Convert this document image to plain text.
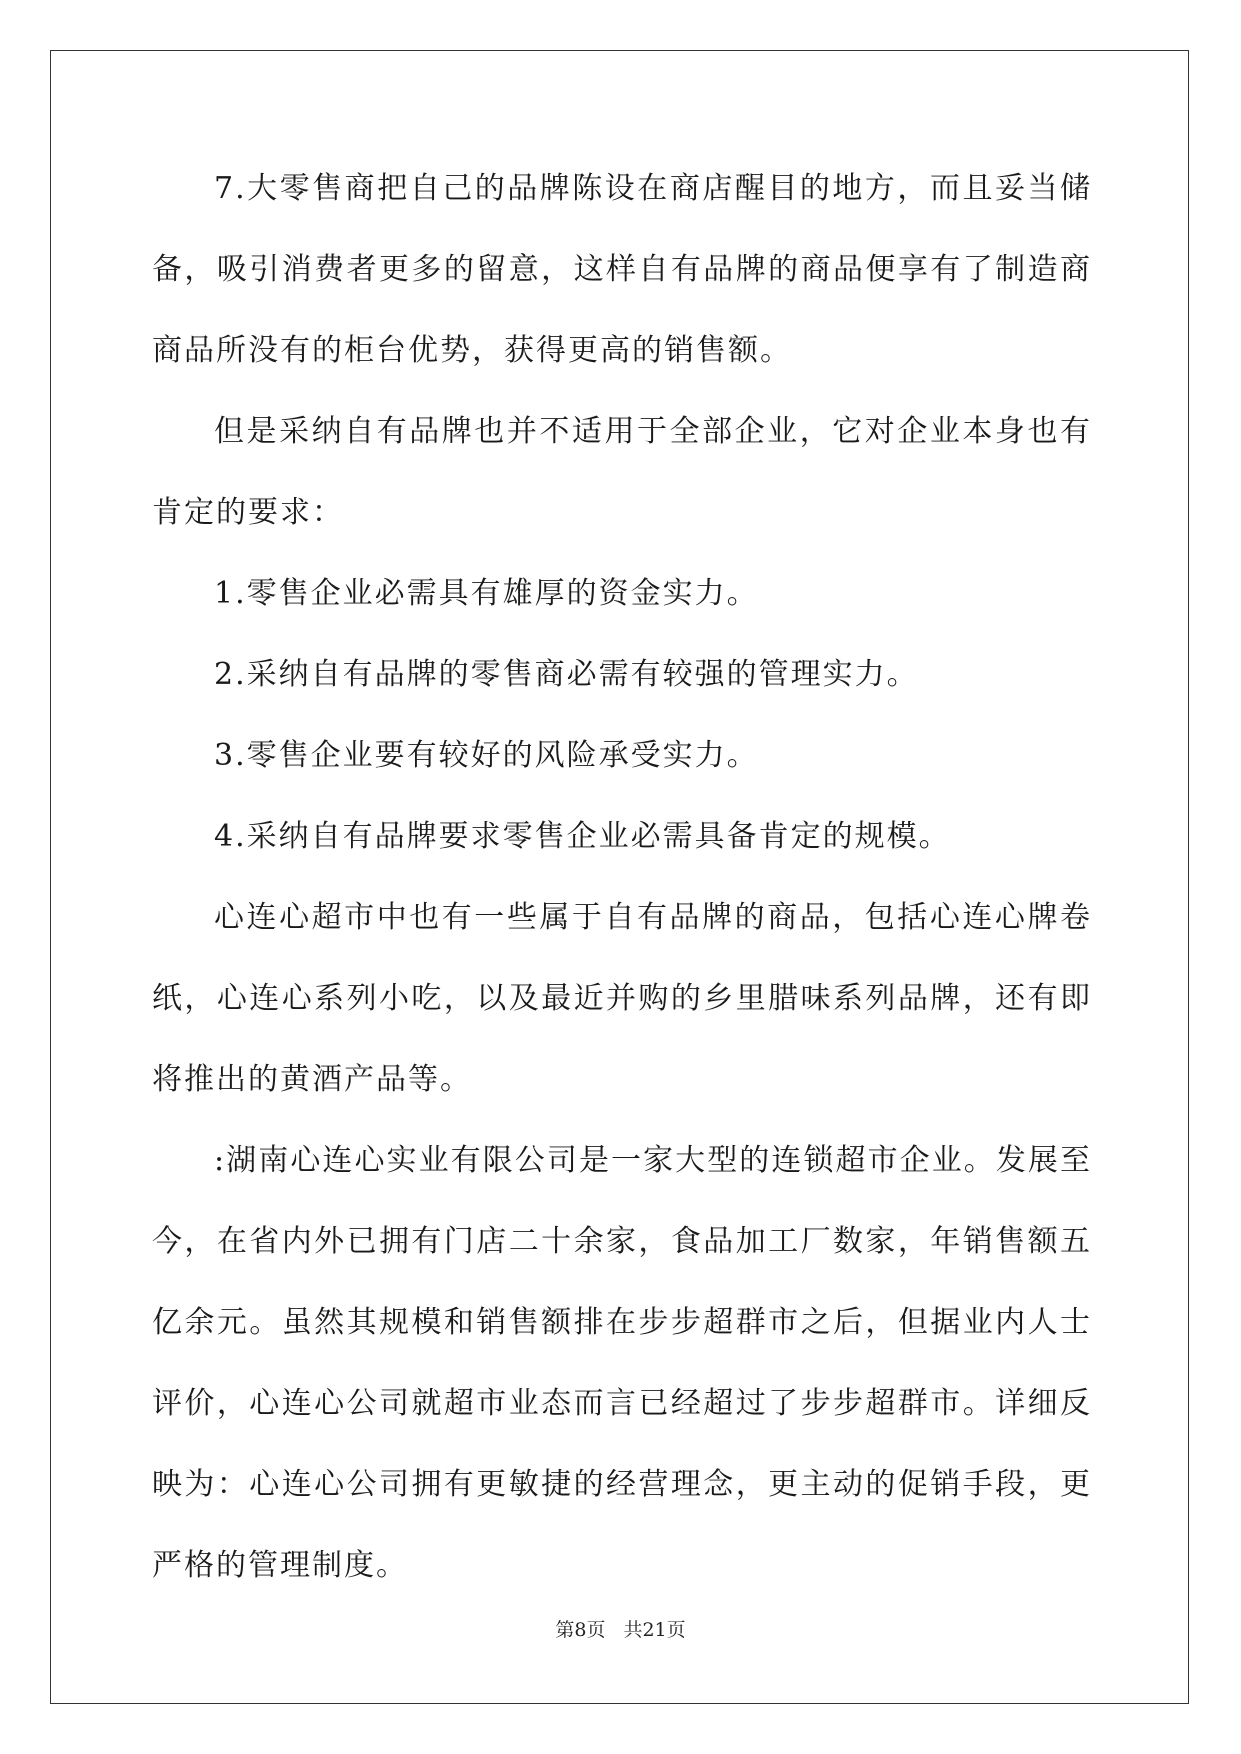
7.大零售商把自己的品牌陈设在商店醒目的地方，而且妥当储备，吸引消费者更多的留意，这样自有品牌的商品便享有了制造商商品所没有的柜台优势，获得更高的销售额。

但是采纳自有品牌也并不适用于全部企业，它对企业本身也有肯定的要求：

1.零售企业必需具有雄厚的资金实力。

2.采纳自有品牌的零售商必需有较强的管理实力。

3.零售企业要有较好的风险承受实力。

4.采纳自有品牌要求零售企业必需具备肯定的规模。

心连心超市中也有一些属于自有品牌的商品，包括心连心牌卷纸，心连心系列小吃，以及最近并购的乡里腊味系列品牌，还有即将推出的黄酒产品等。

:湖南心连心实业有限公司是一家大型的连锁超市企业。发展至今，在省内外已拥有门店二十余家，食品加工厂数家，年销售额五亿余元。虽然其规模和销售额排在步步超群市之后，但据业内人士评价，心连心公司就超市业态而言已经超过了步步超群市。详细反映为：心连心公司拥有更敏捷的经营理念，更主动的促销手段，更严格的管理制度。

第8页 共21页
